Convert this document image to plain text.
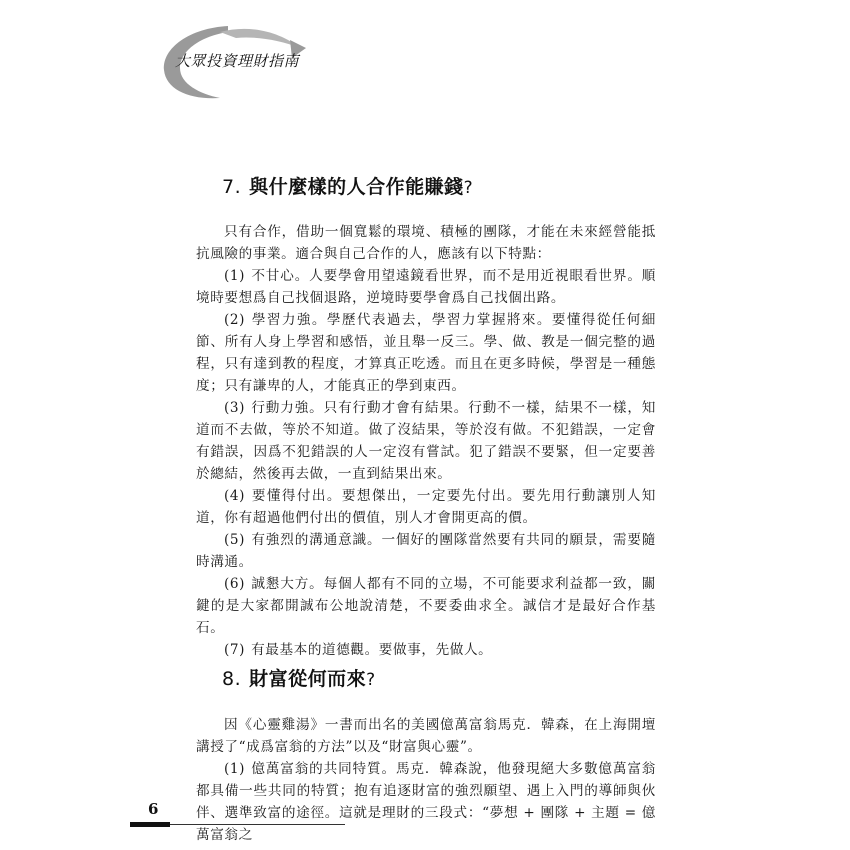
大眾投資理財指南
7. 與什麼樣的人合作能賺錢?

只有合作，借助一個寬鬆的環境、積極的團隊，才能在未來經營能抵抗風險的事業。適合與自己合作的人，應該有以下特點：

(1) 不甘心。人要學會用望遠鏡看世界，而不是用近視眼看世界。順境時要想爲自己找個退路，逆境時要學會爲自己找個出路。

(2) 學習力強。學歷代表過去，學習力掌握將來。要懂得從任何細節、所有人身上學習和感悟，並且舉一反三。學、做、教是一個完整的過程，只有達到教的程度，才算真正吃透。而且在更多時候，學習是一種態度；只有謙卑的人，才能真正的學到東西。

(3) 行動力強。只有行動才會有結果。行動不一樣，結果不一樣，知道而不去做，等於不知道。做了沒結果，等於沒有做。不犯錯誤，一定會有錯誤，因爲不犯錯誤的人一定沒有嘗試。犯了錯誤不要緊，但一定要善於總結，然後再去做，一直到結果出來。

(4) 要懂得付出。要想傑出，一定要先付出。要先用行動讓別人知道，你有超過他們付出的價值，別人才會開更高的價。

(5) 有強烈的溝通意識。一個好的團隊當然要有共同的願景，需要隨時溝通。

(6) 誠懇大方。每個人都有不同的立場，不可能要求利益都一致，關鍵的是大家都開誠布公地說清楚，不要委曲求全。誠信才是最好合作基石。

(7) 有最基本的道德觀。要做事，先做人。

8. 財富從何而來?

因《心靈雞湯》一書而出名的美國億萬富翁馬克．韓森，在上海開壇講授了“成爲富翁的方法”以及“財富與心靈”。

(1) 億萬富翁的共同特質。馬克．韓森說，他發現絕大多數億萬富翁都具備一些共同的特質；抱有追逐財富的強烈願望、遇上入門的導師與伙伴、選準致富的途徑。這就是理財的三段式：“夢想 + 團隊 + 主題 = 億萬富翁之

6
